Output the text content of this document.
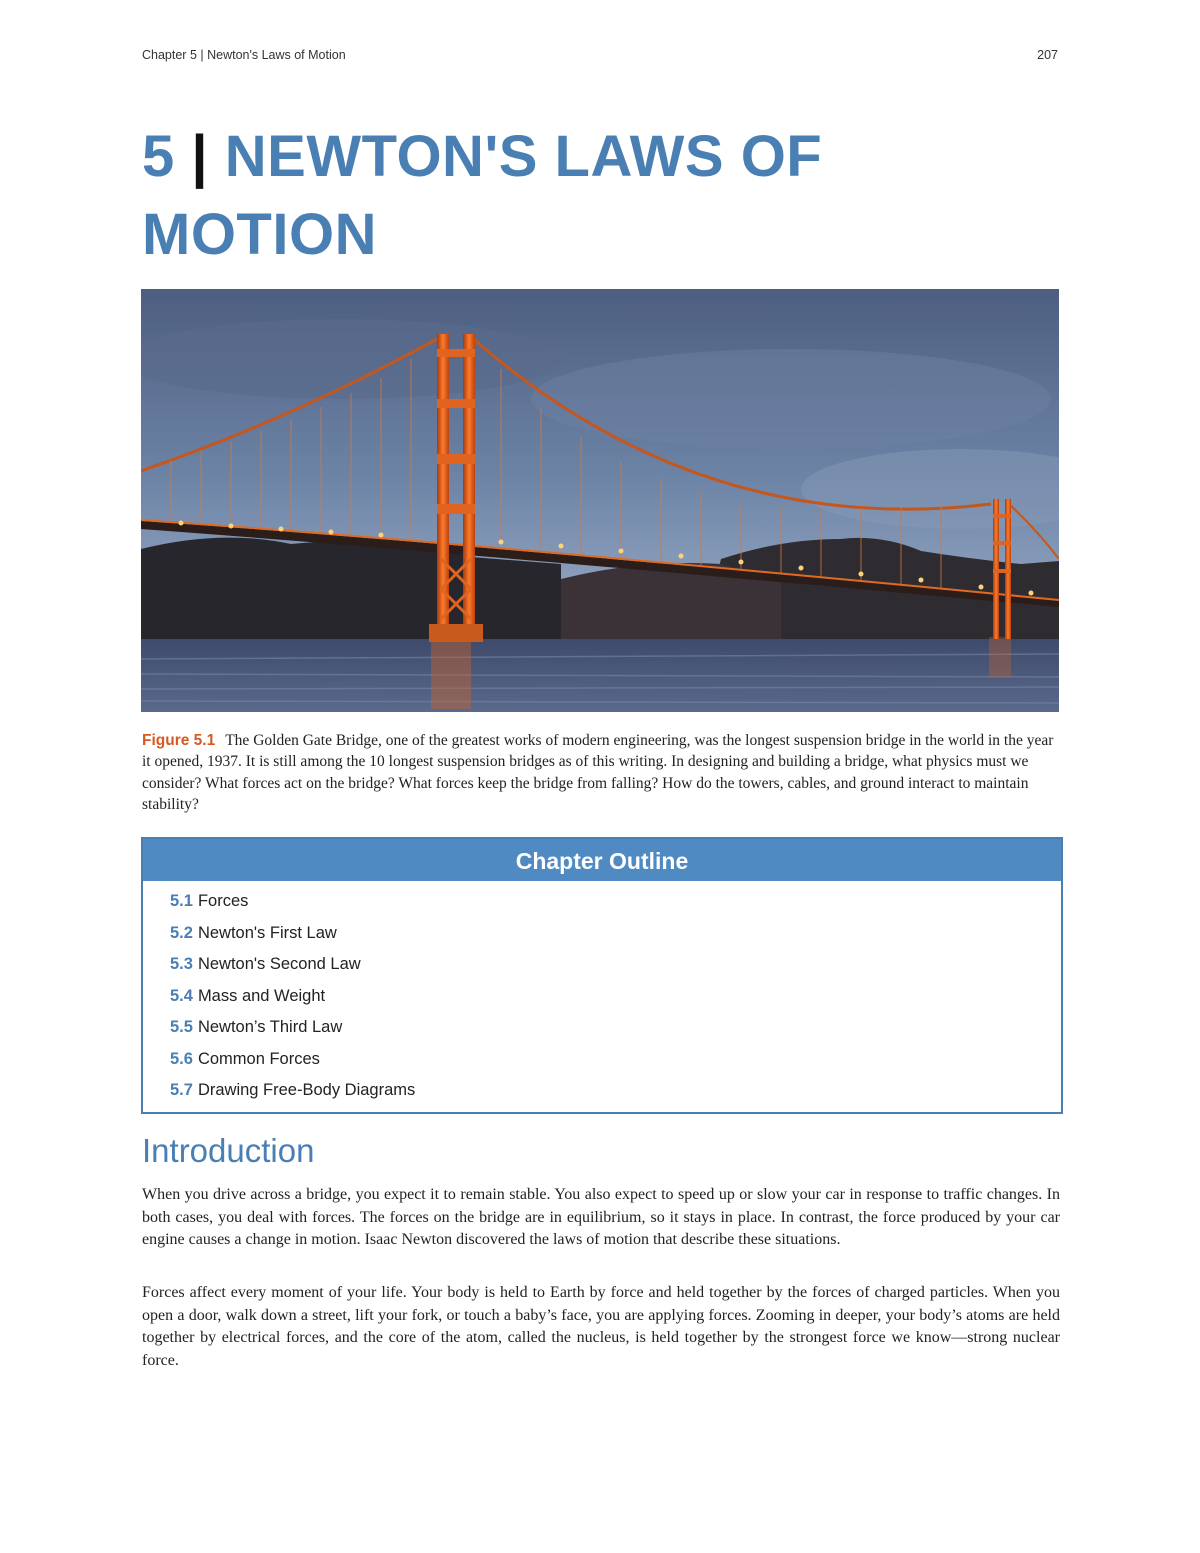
Chapter 5 | Newton's Laws of Motion	207
5 | NEWTON'S LAWS OF
MOTION

Figure 5.1 The Golden Gate Bridge, one of the greatest works of modern engineering, was the longest suspension bridge in the world in the year it opened, 1937. It is still among the 10 longest suspension bridges as of this writing. In designing and building a bridge, what physics must we consider? What forces act on the bridge? What forces keep the bridge from falling? How do the towers, cables, and ground interact to maintain stability?

Chapter Outline
5.1 Forces
5.2 Newton's First Law
5.3 Newton's Second Law
5.4 Mass and Weight
5.5 Newton’s Third Law
5.6 Common Forces
5.7 Drawing Free-Body Diagrams
Introduction

When you drive across a bridge, you expect it to remain stable. You also expect to speed up or slow your car in response to traffic changes. In both cases, you deal with forces. The forces on the bridge are in equilibrium, so it stays in place. In contrast, the force produced by your car engine causes a change in motion. Isaac Newton discovered the laws of motion that describe these situations.

Forces affect every moment of your life. Your body is held to Earth by force and held together by the forces of charged particles. When you open a door, walk down a street, lift your fork, or touch a baby’s face, you are applying forces. Zooming in deeper, your body’s atoms are held together by electrical forces, and the core of the atom, called the nucleus, is held together by the strongest force we know—strong nuclear force.
